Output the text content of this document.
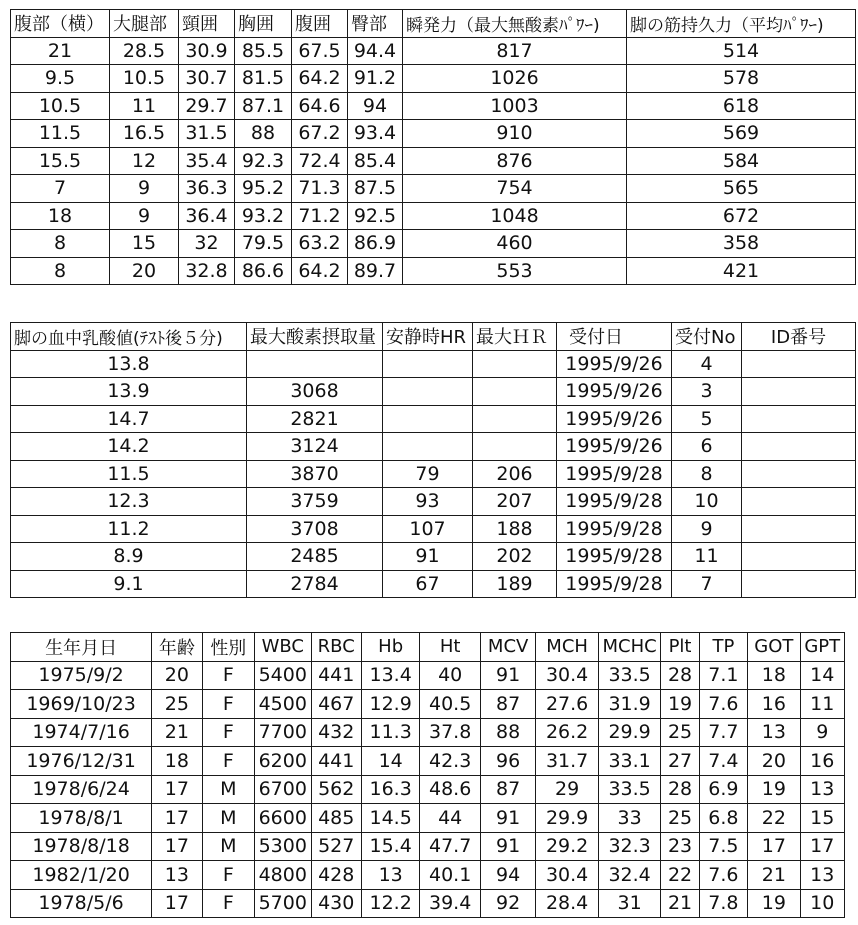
腹部（横）	大腿部	頸囲	胸囲	腹囲	臀部	瞬発力（最大無酸素ﾊﾟﾜｰ)	脚の筋持久力（平均ﾊﾟﾜｰ)
21	28.5	30.9	85.5	67.5	94.4	817	514
9.5	10.5	30.7	81.5	64.2	91.2	1026	578
10.5	11	29.7	87.1	64.6	94	1003	618
11.5	16.5	31.5	88	67.2	93.4	910	569
15.5	12	35.4	92.3	72.4	85.4	876	584
7	9	36.3	95.2	71.3	87.5	754	565
18	9	36.4	93.2	71.2	92.5	1048	672
8	15	32	79.5	63.2	86.9	460	358
8	20	32.8	86.6	64.2	89.7	553	421
脚の血中乳酸値(ﾃｽﾄ後５分)	最大酸素摂取量	安静時HR	最大ＨＲ	受付日	受付No	ID番号
13.8				1995/9/26	4	
13.9	3068			1995/9/26	3	
14.7	2821			1995/9/26	5	
14.2	3124			1995/9/26	6	
11.5	3870	79	206	1995/9/28	8	
12.3	3759	93	207	1995/9/28	10	
11.2	3708	107	188	1995/9/28	9	
8.9	2485	91	202	1995/9/28	11	
9.1	2784	67	189	1995/9/28	7	
生年月日	年齢	性別	WBC	RBC	Hb	Ht	MCV	MCH	MCHC	Plt	TP	GOT	GPT
1975/9/2	20	F	5400	441	13.4	40	91	30.4	33.5	28	7.1	18	14
1969/10/23	25	F	4500	467	12.9	40.5	87	27.6	31.9	19	7.6	16	11
1974/7/16	21	F	7700	432	11.3	37.8	88	26.2	29.9	25	7.7	13	9
1976/12/31	18	F	6200	441	14	42.3	96	31.7	33.1	27	7.4	20	16
1978/6/24	17	M	6700	562	16.3	48.6	87	29	33.5	28	6.9	19	13
1978/8/1	17	M	6600	485	14.5	44	91	29.9	33	25	6.8	22	15
1978/8/18	17	M	5300	527	15.4	47.7	91	29.2	32.3	23	7.5	17	17
1982/1/20	13	F	4800	428	13	40.1	94	30.4	32.4	22	7.6	21	13
1978/5/6	17	F	5700	430	12.2	39.4	92	28.4	31	21	7.8	19	10
